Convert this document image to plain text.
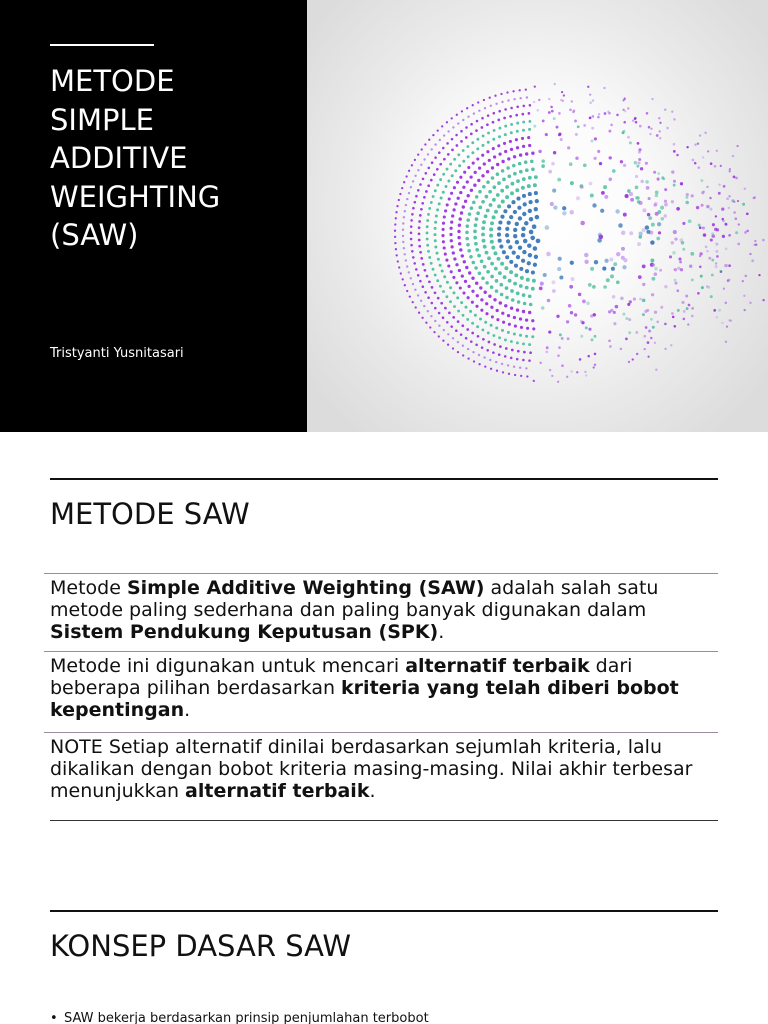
METODE
SIMPLE
ADDITIVE
WEIGHTING
(SAW)
Tristyanti Yusnitasari
METODE SAW
Metode Simple Additive Weighting (SAW) adalah salah satu metode paling sederhana dan paling banyak digunakan dalam Sistem Pendukung Keputusan (SPK).
Metode ini digunakan untuk mencari alternatif terbaik dari beberapa pilihan berdasarkan kriteria yang telah diberi bobot kepentingan.
NOTE Setiap alternatif dinilai berdasarkan sejumlah kriteria, lalu dikalikan dengan bobot kriteria masing-masing. Nilai akhir terbesar menunjukkan alternatif terbaik.
KONSEP DASAR SAW
• SAW bekerja berdasarkan prinsip penjumlahan terbobot
